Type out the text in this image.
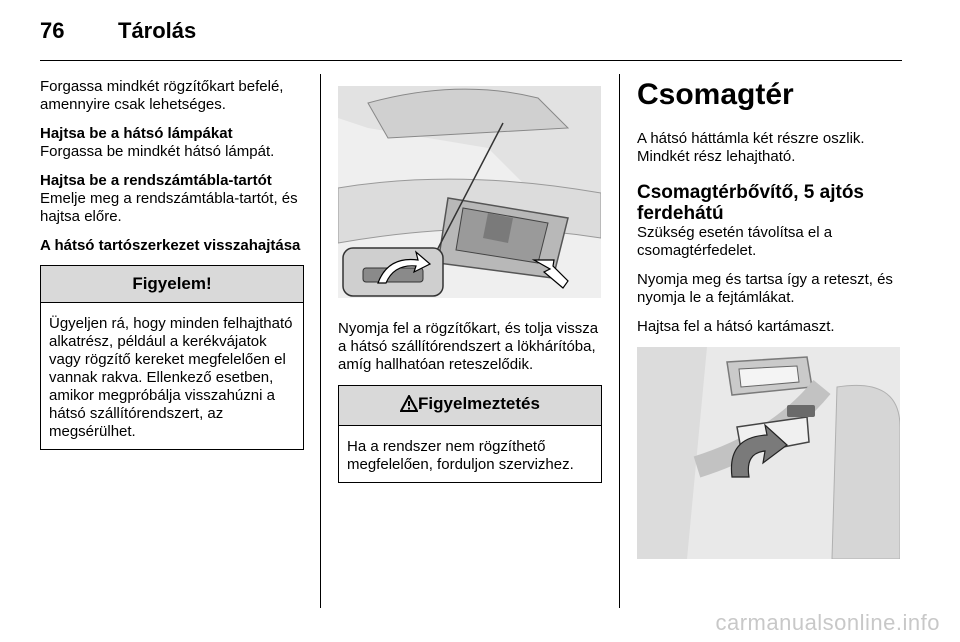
76 Tárolás

Forgassa mindkét rögzítőkart befelé, amennyire csak lehetséges.

Hajtsa be a hátsó lámpákat
Forgassa be mindkét hátsó lámpát.

Hajtsa be a rendszámtábla-tartót
Emelje meg a rendszámtábla-tartót, és hajtsa előre.

A hátsó tartószerkezet visszahajtása

Figyelem!
Ügyeljen rá, hogy minden felhajtható alkatrész, például a kerékvájatok vagy rögzítő kereket megfelelően el vannak rakva. Ellenkező esetben, amikor megpróbálja visszahúzni a hátsó szállítórendszert, az megsérülhet.

Nyomja fel a rögzítőkart, és tolja vissza a hátsó szállítórendszert a lökhárítóba, amíg hallhatóan reteszelődik.

Figyelmeztetés
Ha a rendszer nem rögzíthető megfelelően, forduljon szervizhez.
Csomagtér

A hátsó háttámla két részre oszlik. Mindkét rész lehajtható.

Csomagtérbővítő, 5 ajtós ferdehátú

Szükség esetén távolítsa el a csomagtérfedelet.

Nyomja meg és tartsa így a reteszt, és nyomja le a fejtámlákat.

Hajtsa fel a hátsó kartámaszt.

carmanualsonline.info
